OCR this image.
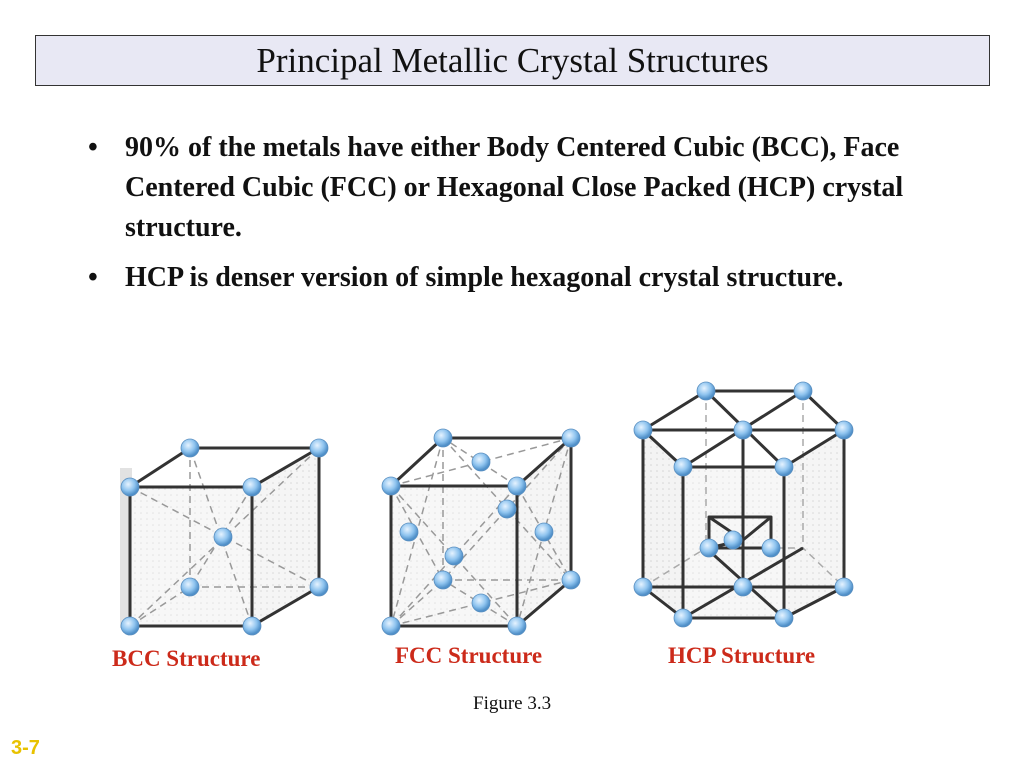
Principal Metallic Crystal Structures
• 90% of the metals have either Body Centered Cubic (BCC), Face Centered Cubic (FCC) or Hexagonal Close Packed (HCP) crystal structure.
• HCP is denser version of simple hexagonal crystal structure.
BCC Structure	FCC Structure	HCP Structure
Figure 3.3
3-7
